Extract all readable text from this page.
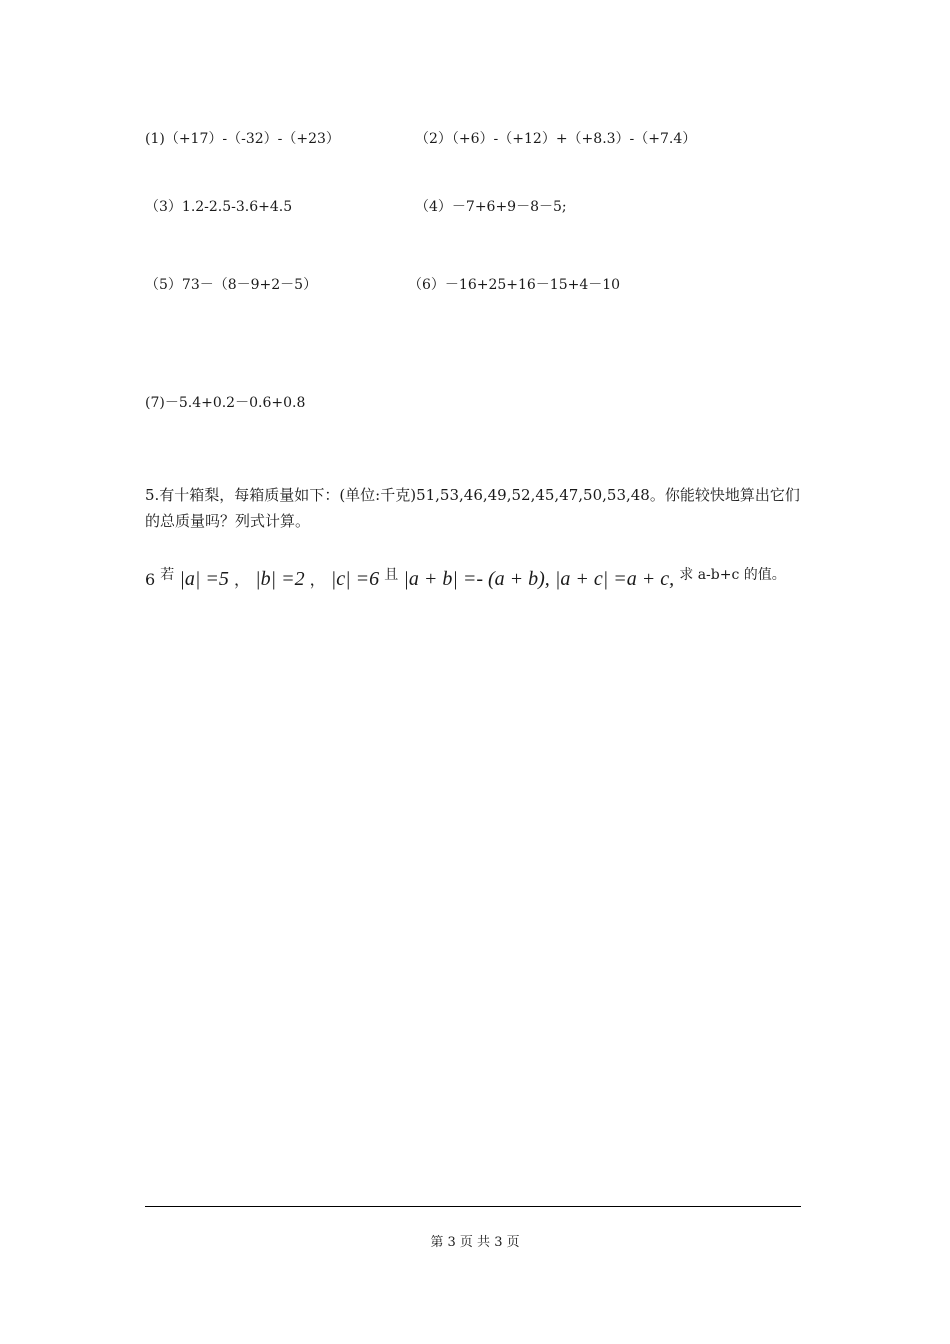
(1)（+17）-（-32）-（+23）	（2）（+6）-（+12）+（+8.3）-（+7.4）
（3）1.2-2.5-3.6+4.5	（4）－7+6+9－8－5;
（5）73－（8－9+2－5）	（6）－16+25+16－15+4－10
(7)－5.4+0.2－0.6+0.8
5.有十箱梨，每箱质量如下：(单位:千克)51,53,46,49,52,45,47,50,53,48。你能较快地算出它们的总质量吗？列式计算。
6 若 |a| =5 ， |b| =2 ， |c| =6 且 |a + b| =- (a + b), |a + c| =a + c, 求 a-b+c 的值。
第 3 页 共 3 页
